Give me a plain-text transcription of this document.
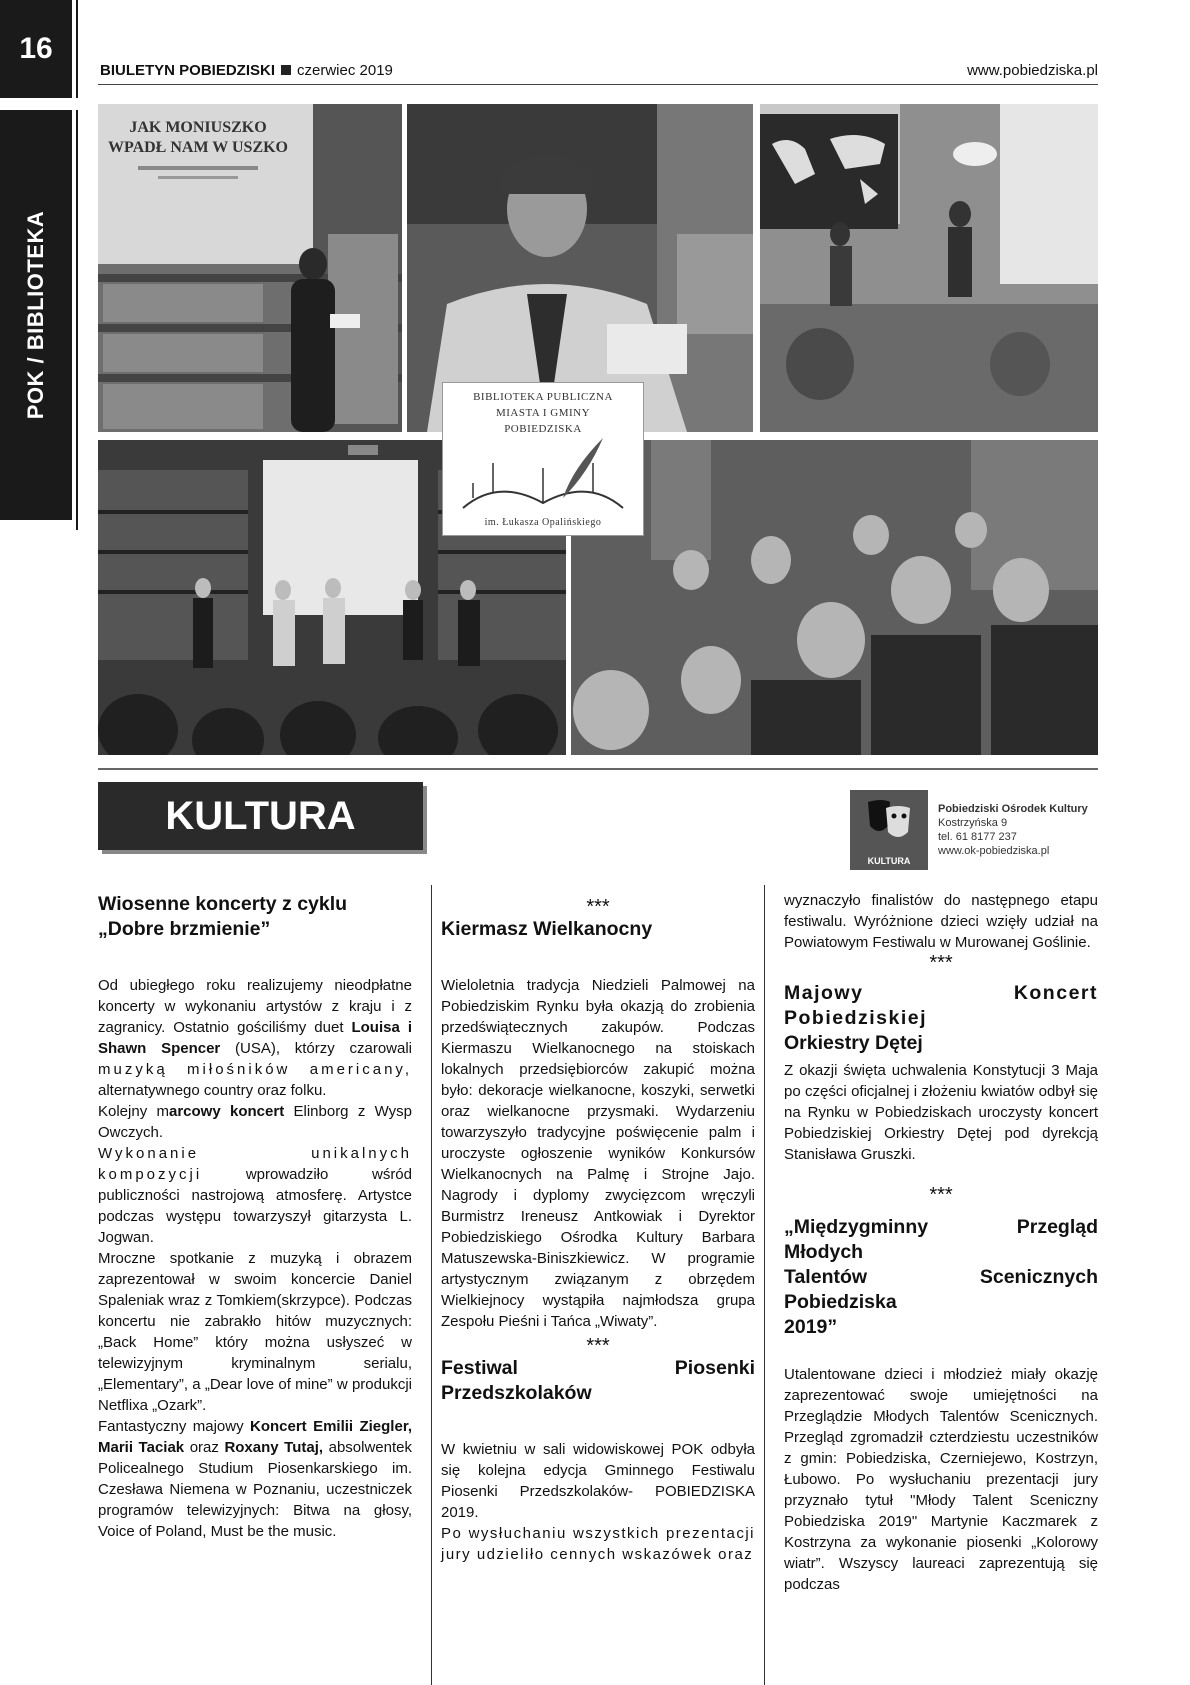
16
POK / BIBLIOTEKA
BIULETYN POBIEDZISKI czerwiec 2019	www.pobiedziska.pl
JAK MONIUSZKO
WPADŁ NAM W USZKO
BIBLIOTEKA PUBLICZNA
MIASTA I GMINY
POBIEDZISKA
im. Łukasza Opalińskiego
KULTURA
KULTURA
Pobiedziski Ośrodek Kultury
Kostrzyńska 9
tel. 61 8177 237
www.ok-pobiedziska.pl

Wiosenne koncerty z cyklu
„Dobre brzmienie”

Od ubiegłego roku realizujemy nieodpłatne koncerty w wykonaniu artystów z kraju i z zagranicy. Ostatnio gościliśmy duet Louisa i Shawn Spencer (USA), którzy czarowali muzyką miłośników americany, alternatywnego country oraz folku.

Kolejny marcowy koncert Elinborg z Wysp Owczych.

Wykonanie unikalnych kompozycji wprowadziło wśród publiczności nastrojową atmosferę. Artystce podczas występu towarzyszył gitarzysta L. Jogwan.

Mroczne spotkanie z muzyką i obrazem zaprezentował w swoim koncercie Daniel Spaleniak wraz z Tomkiem(skrzypce). Podczas koncertu nie zabrakło hitów muzycznych: „Back Home” który można usłyszeć w telewizyjnym kryminalnym serialu, „Elementary”, a „Dear love of mine” w produkcji Netflixa „Ozark”.

Fantastyczny majowy Koncert Emilii Ziegler, Marii Taciak oraz Roxany Tutaj, absolwentek Policealnego Studium Piosenkarskiego im. Czesława Niemena w Poznaniu, uczestniczek programów telewizyjnych: Bitwa na głosy, Voice of Poland, Must be the music.

***

Kiermasz Wielkanocny

Wieloletnia tradycja Niedzieli Palmowej na Pobiedziskim Rynku była okazją do zrobienia przedświątecznych zakupów. Podczas Kiermaszu Wielkanocnego na stoiskach lokalnych przedsiębiorców zakupić można było: dekoracje wielkanocne, koszyki, serwetki oraz wielkanocne przysmaki. Wydarzeniu towarzyszyło tradycyjne poświęcenie palm i uroczyste ogłoszenie wyników Konkursów Wielkanocnych na Palmę i Strojne Jajo. Nagrody i dyplomy zwycięzcom wręczyli Burmistrz Ireneusz Antkowiak i Dyrektor Pobiedziskiego Ośrodka Kultury Barbara Matuszewska-Biniszkiewicz. W programie artystycznym związanym z obrzędem Wielkiejnocy wystąpiła najmłodsza grupa Zespołu Pieśni i Tańca „Wiwaty”.

***

Festiwal Piosenki Przedszkolaków

W kwietniu w sali widowiskowej POK odbyła się kolejna edycja Gminnego Festiwalu Piosenki Przedszkolaków- POBIEDZISKA 2019.

Po wysłuchaniu wszystkich prezentacji jury udzieliło cennych wskazówek oraz

wyznaczyło finalistów do następnego etapu festiwalu. Wyróżnione dzieci wzięły udział na Powiatowym Festiwalu w Murowanej Goślinie.

***

Majowy Koncert Pobiedziskiej
Orkiestry Dętej

Z okazji święta uchwalenia Konstytucji 3 Maja po części oficjalnej i złożeniu kwiatów odbył się na Rynku w Pobiedziskach uroczysty koncert Pobiedziskiej Orkiestry Dętej pod dyrekcją Stanisława Gruszki.

***

„Międzygminny Przegląd Młodych
Talentów Scenicznych Pobiedziska
2019”

Utalentowane dzieci i młodzież miały okazję zaprezentować swoje umiejętności na Przeglądzie Młodych Talentów Scenicznych. Przegląd zgromadził czterdziestu uczestników z gmin: Pobiedziska, Czerniejewo, Kostrzyn, Łubowo. Po wysłuchaniu prezentacji jury przyznało tytuł "Młody Talent Sceniczny Pobiedziska 2019" Martynie Kaczmarek z Kostrzyna za wykonanie piosenki „Kolorowy wiatr”. Wszyscy laureaci zaprezentują się podczas
